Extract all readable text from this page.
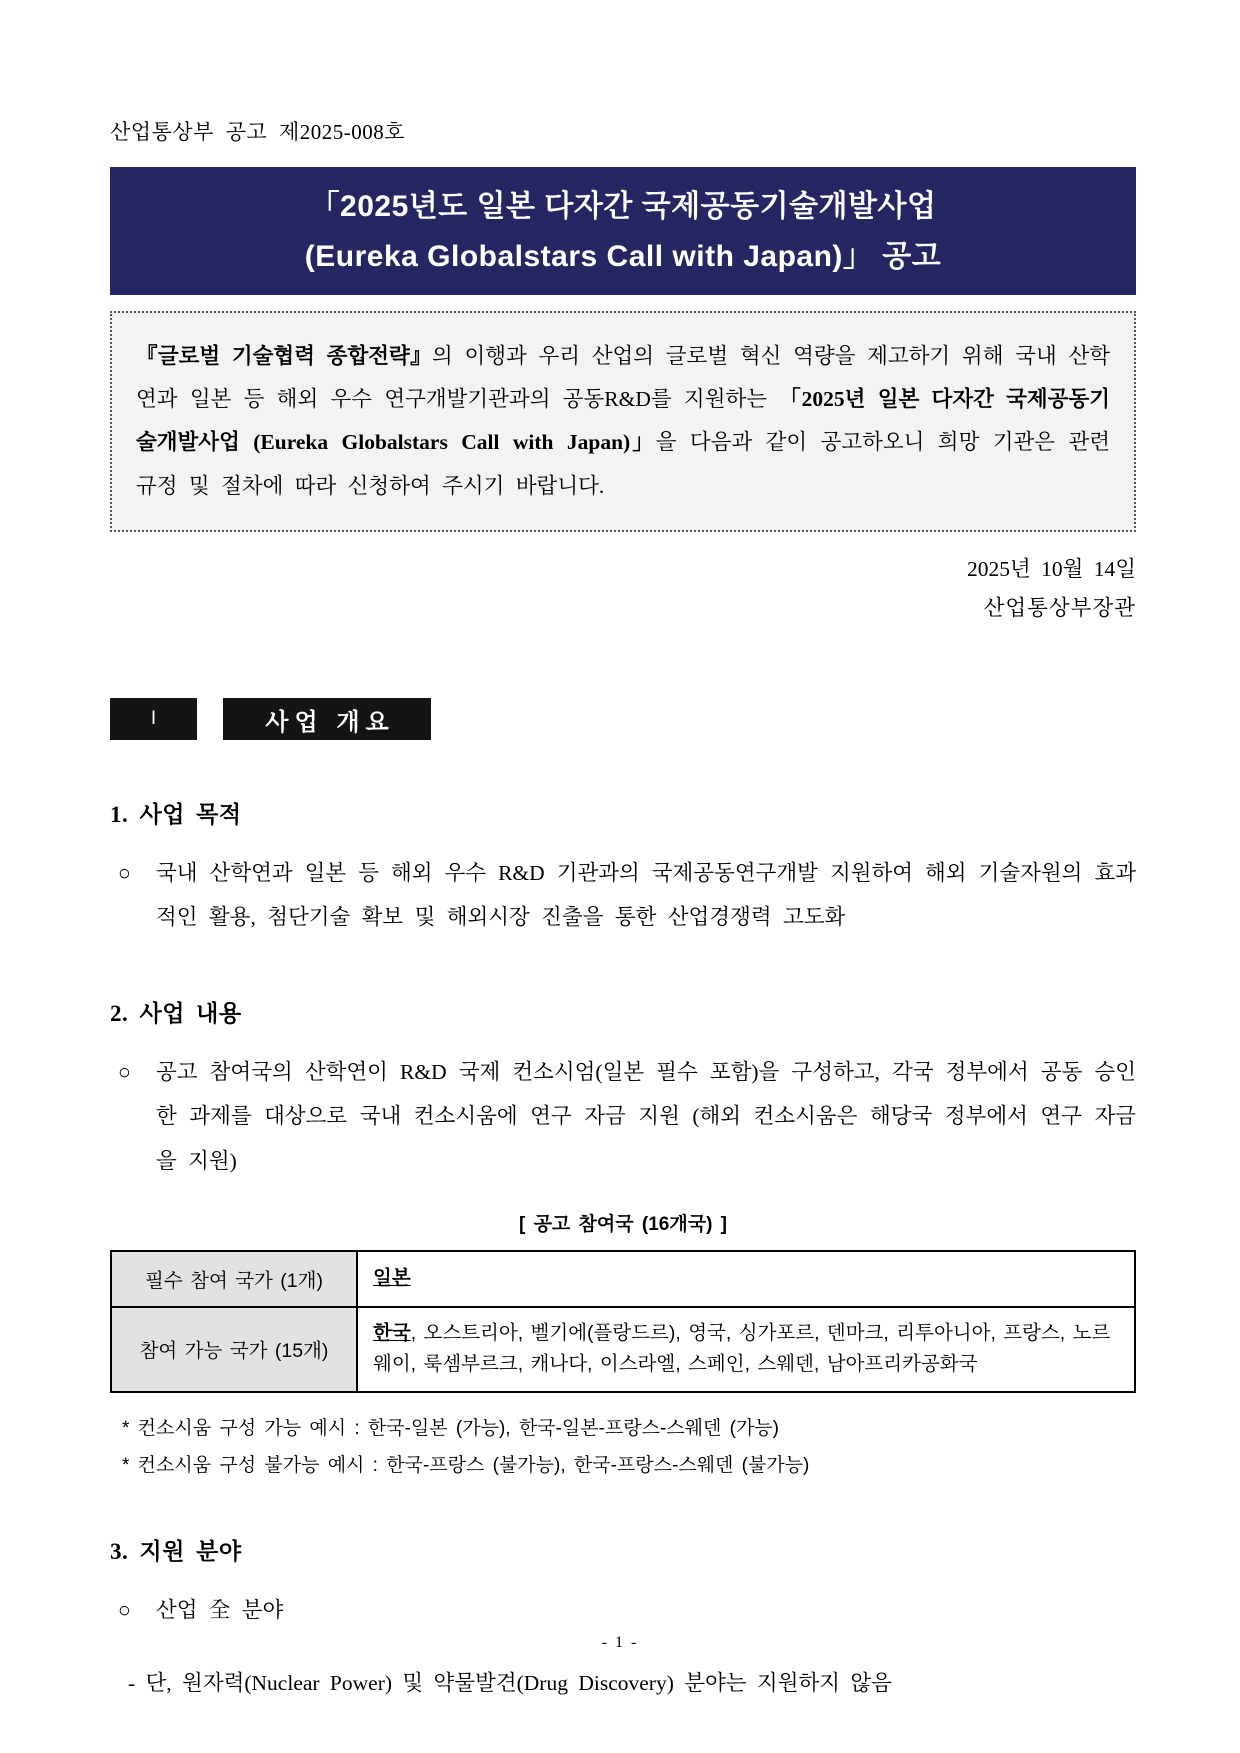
산업통상부 공고 제2025-008호
「2025년도 일본 다자간 국제공동기술개발사업
(Eureka Globalstars Call with Japan)」 공고
『글로벌 기술협력 종합전략』의 이행과 우리 산업의 글로벌 혁신 역량을 제고하기 위해 국내 산학연과 일본 등 해외 우수 연구개발기관과의 공동R&D를 지원하는 「2025년 일본 다자간 국제공동기술개발사업 (Eureka Globalstars Call with Japan)」을 다음과 같이 공고하오니 희망 기관은 관련 규정 및 절차에 따라 신청하여 주시기 바랍니다.
2025년 10월 14일
산업통상부장관
I	사업 개요
1. 사업 목적
○	국내 산학연과 일본 등 해외 우수 R&D 기관과의 국제공동연구개발 지원하여 해외 기술자원의 효과적인 활용, 첨단기술 확보 및 해외시장 진출을 통한 산업경쟁력 고도화
2. 사업 내용
○	공고 참여국의 산학연이 R&D 국제 컨소시엄(일본 필수 포함)을 구성하고, 각국 정부에서 공동 승인한 과제를 대상으로 국내 컨소시움에 연구 자금 지원 (해외 컨소시움은 해당국 정부에서 연구 자금을 지원)
[ 공고 참여국 (16개국) ]
필수 참여 국가 (1개)	일본
참여 가능 국가 (15개)	한국, 오스트리아, 벨기에(플랑드르), 영국, 싱가포르, 덴마크, 리투아니아, 프랑스, 노르웨이, 룩셈부르크, 캐나다, 이스라엘, 스페인, 스웨덴, 남아프리카공화국
* 컨소시움 구성 가능 예시 : 한국-일본 (가능), 한국-일본-프랑스-스웨덴 (가능)
* 컨소시움 구성 불가능 예시 : 한국-프랑스 (불가능), 한국-프랑스-스웨덴 (불가능)
3. 지원 분야
○	산업 全 분야
- 단, 원자력(Nuclear Power) 및 약물발견(Drug Discovery) 분야는 지원하지 않음
- 1 -
